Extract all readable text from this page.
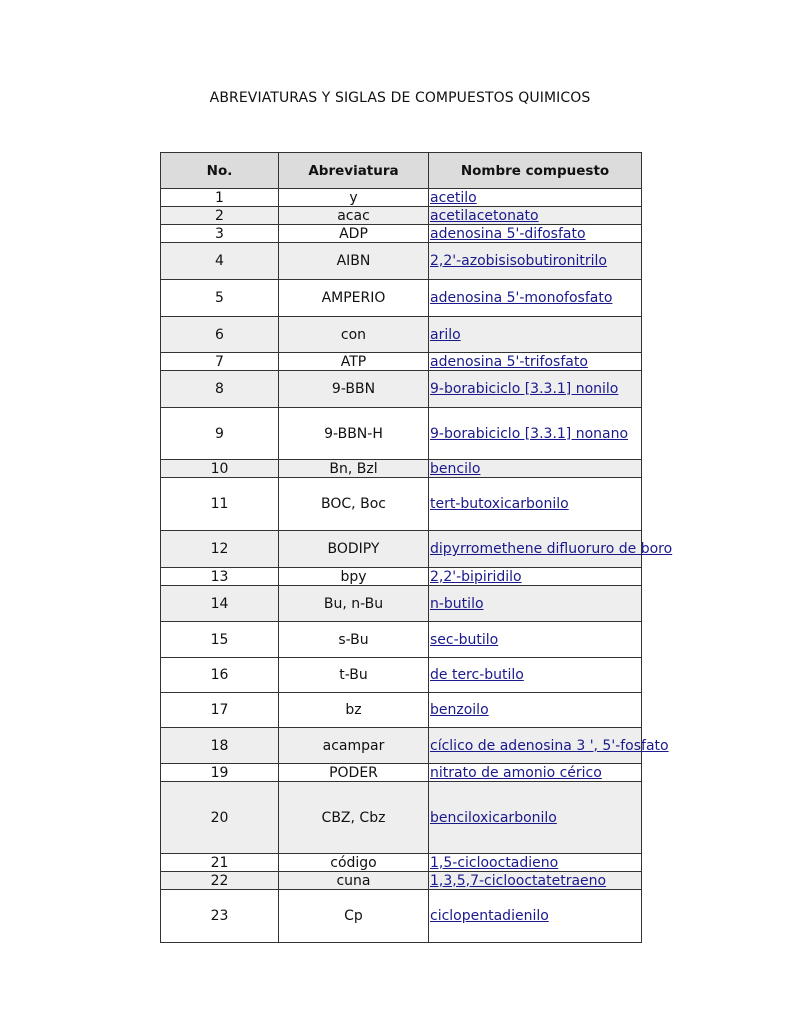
ABREVIATURAS Y SIGLAS DE COMPUESTOS QUIMICOS
No.	Abreviatura	Nombre compuesto
1	y	acetilo
2	acac	acetilacetonato
3	ADP	adenosina 5'-difosfato
4	AIBN	2,2'-azobisisobutironitrilo
5	AMPERIO	adenosina 5'-monofosfato
6	con	arilo
7	ATP	adenosina 5'-trifosfato
8	9-BBN	9-borabiciclo [3.3.1] nonilo
9	9-BBN-H	9-borabiciclo [3.3.1] nonano
10	Bn, Bzl	bencilo
11	BOC, Boc	tert-butoxicarbonilo
12	BODIPY	dipyrromethene difluoruro de boro
13	bpy	2,2'-bipiridilo
14	Bu, n-Bu	n-butilo
15	s-Bu	sec-butilo
16	t-Bu	de terc-butilo
17	bz	benzoilo
18	acampar	cíclico de adenosina 3 ', 5'-fosfato
19	PODER	nitrato de amonio cérico
20	CBZ, Cbz	benciloxicarbonilo
21	código	1,5-ciclooctadieno
22	cuna	1,3,5,7-ciclooctatetraeno
23	Cp	ciclopentadienilo
